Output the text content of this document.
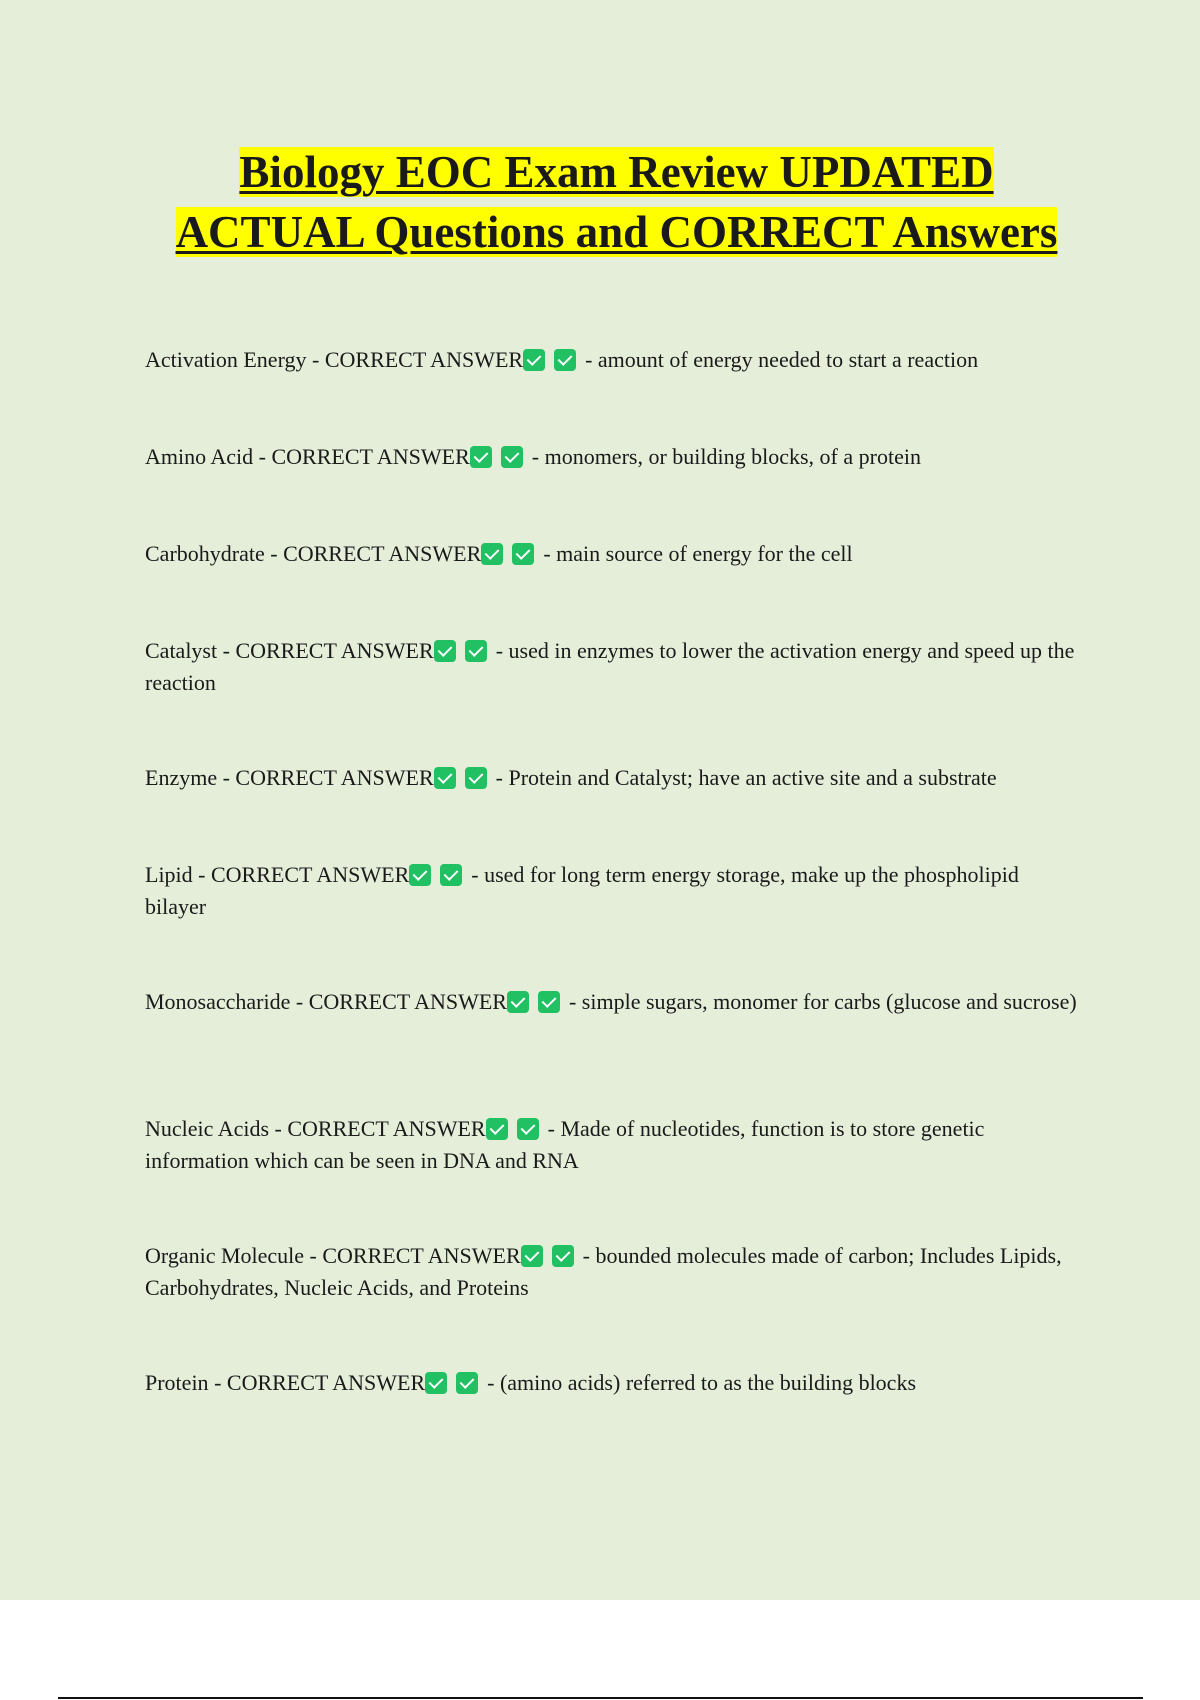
Biology EOC Exam Review UPDATED ACTUAL Questions and CORRECT Answers

Activation Energy - CORRECT ANSWER	- amount of energy needed to start a reaction

Amino Acid - CORRECT ANSWER	- monomers, or building blocks, of a protein

Carbohydrate - CORRECT ANSWER	- main source of energy for the cell

Catalyst - CORRECT ANSWER	- used in enzymes to lower the activation energy and speed up the reaction

Enzyme - CORRECT ANSWER	- Protein and Catalyst; have an active site and a substrate

Lipid - CORRECT ANSWER	- used for long term energy storage, make up the phospholipid bilayer

Monosaccharide - CORRECT ANSWER	- simple sugars, monomer for carbs (glucose and sucrose)

Nucleic Acids - CORRECT ANSWER	- Made of nucleotides, function is to store genetic information which can be seen in DNA and RNA

Organic Molecule - CORRECT ANSWER	- bounded molecules made of carbon; Includes Lipids, Carbohydrates, Nucleic Acids, and Proteins

Protein - CORRECT ANSWER	- (amino acids) referred to as the building blocks
